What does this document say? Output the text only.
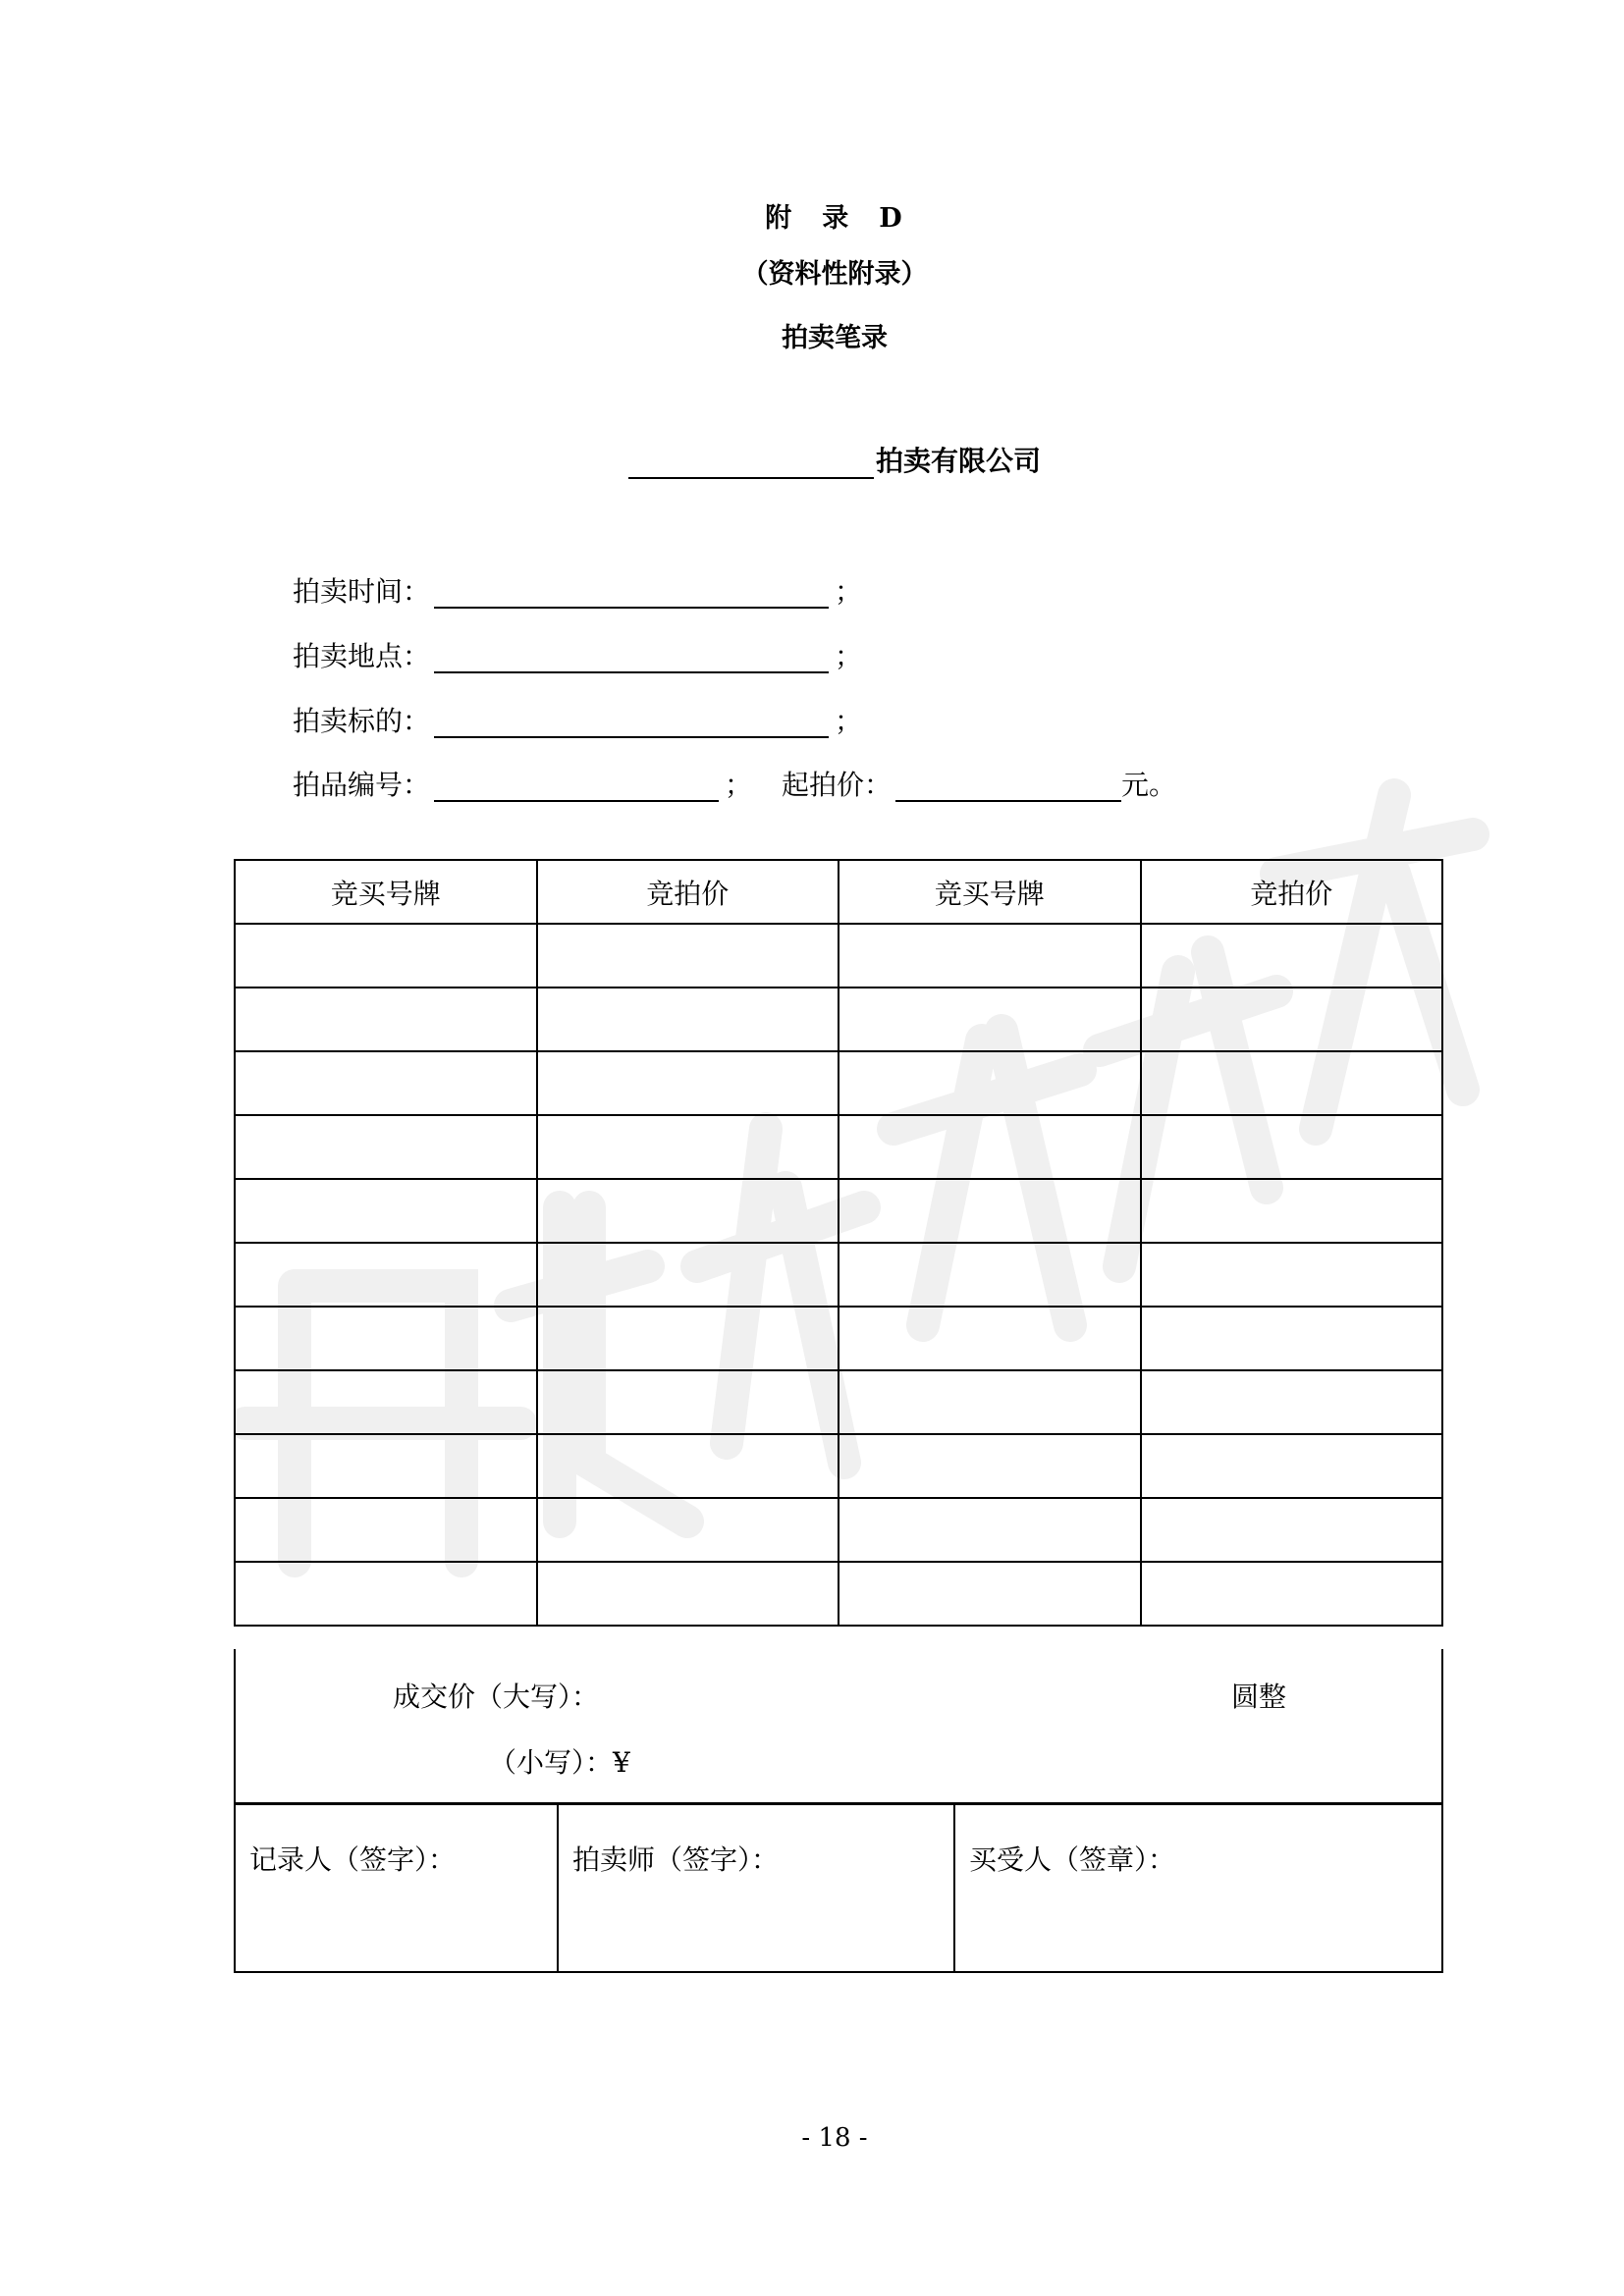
附　录　D
（资料性附录）
拍卖笔录
拍卖有限公司
拍卖时间：	；
拍卖地点：	；
拍卖标的：	；
拍品编号：	； 起拍价：	元。
竞买号牌	竞拍价	竞买号牌	竞拍价

成交价（大写）：	圆整
（小写）：¥
记录人（签字）：	拍卖师（签字）：	买受人（签章）：
- 18 -
